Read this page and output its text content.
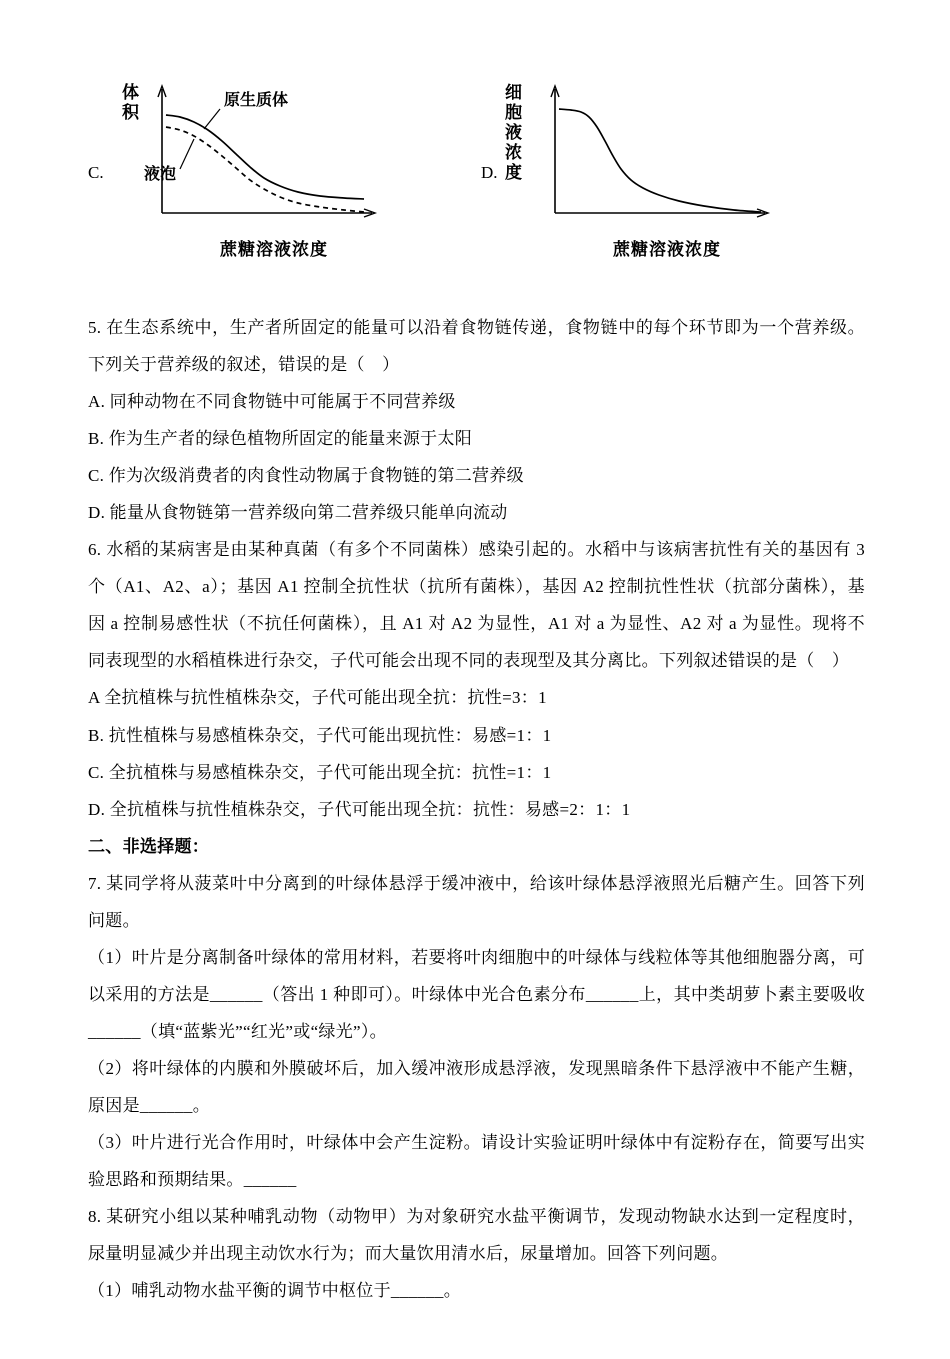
C.
体积	原生质体
液泡
蔗糖溶液浓度
D. 细胞液浓度
蔗糖溶液浓度

5. 在生态系统中，生产者所固定的能量可以沿着食物链传递，食物链中的每个环节即为一个营养级。下列关于营养级的叙述，错误的是（　）

A. 同种动物在不同食物链中可能属于不同营养级

B. 作为生产者的绿色植物所固定的能量来源于太阳

C. 作为次级消费者的肉食性动物属于食物链的第二营养级

D. 能量从食物链第一营养级向第二营养级只能单向流动

6. 水稻的某病害是由某种真菌（有多个不同菌株）感染引起的。水稻中与该病害抗性有关的基因有 3 个（A1、A2、a）；基因 A1 控制全抗性状（抗所有菌株），基因 A2 控制抗性性状（抗部分菌株），基因 a 控制易感性状（不抗任何菌株），且 A1 对 A2 为显性，A1 对 a 为显性、A2 对 a 为显性。现将不同表现型的水稻植株进行杂交，子代可能会出现不同的表现型及其分离比。下列叙述错误的是（　）

A 全抗植株与抗性植株杂交，子代可能出现全抗：抗性=3：1

B. 抗性植株与易感植株杂交，子代可能出现抗性：易感=1：1

C. 全抗植株与易感植株杂交，子代可能出现全抗：抗性=1：1

D. 全抗植株与抗性植株杂交，子代可能出现全抗：抗性：易感=2：1：1

二、非选择题：

7. 某同学将从菠菜叶中分离到的叶绿体悬浮于缓冲液中，给该叶绿体悬浮液照光后糖产生。回答下列问题。

（1）叶片是分离制备叶绿体的常用材料，若要将叶肉细胞中的叶绿体与线粒体等其他细胞器分离，可以采用的方法是______（答出 1 种即可）。叶绿体中光合色素分布______上，其中类胡萝卜素主要吸收______（填“蓝紫光”“红光”或“绿光”）。

（2）将叶绿体的内膜和外膜破坏后，加入缓冲液形成悬浮液，发现黑暗条件下悬浮液中不能产生糖，原因是______。

（3）叶片进行光合作用时，叶绿体中会产生淀粉。请设计实验证明叶绿体中有淀粉存在，简要写出实验思路和预期结果。______

8. 某研究小组以某种哺乳动物（动物甲）为对象研究水盐平衡调节，发现动物缺水达到一定程度时，尿量明显减少并出现主动饮水行为；而大量饮用清水后，尿量增加。回答下列问题。

（1）哺乳动物水盐平衡的调节中枢位于______。
